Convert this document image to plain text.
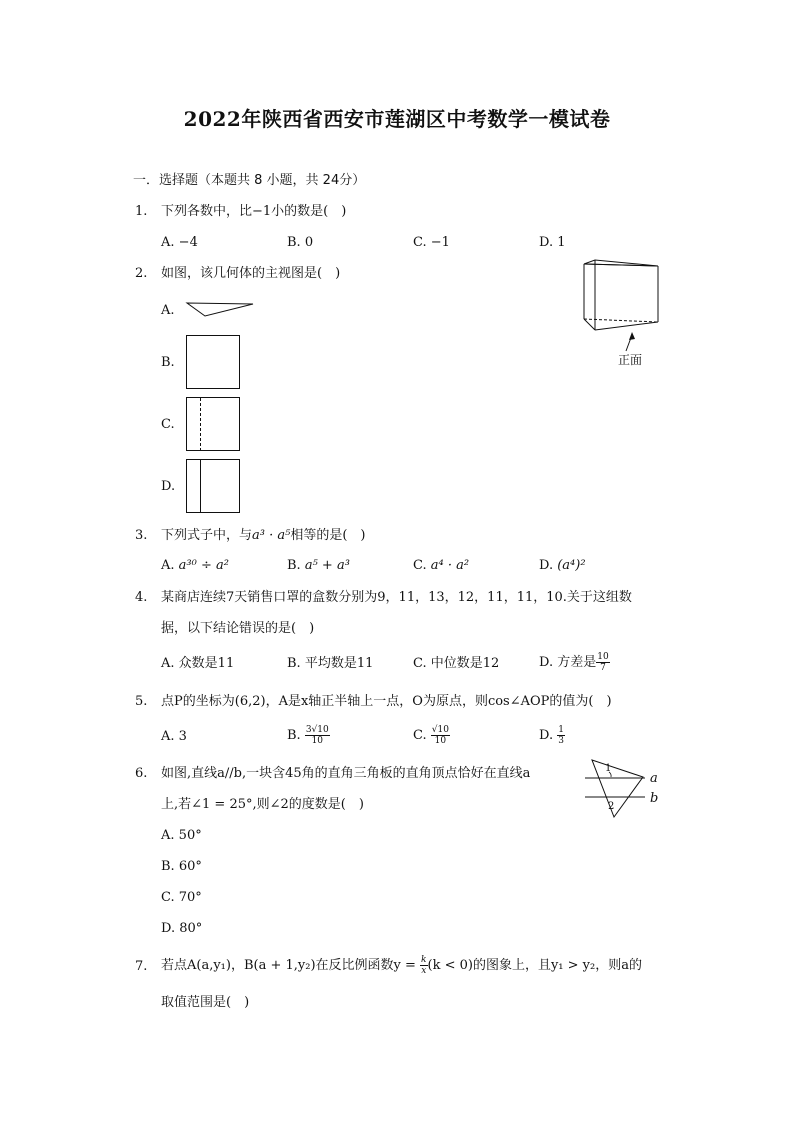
2022年陕西省西安市莲湖区中考数学一模试卷
一．选择题（本题共 8 小题，共 24分）
1. 下列各数中，比−1小的数是(　)
A. −4	B. 0	C. −1	D. 1
2. 如图，该几何体的主视图是(　)
A.
B.
C.
D.
正面
3. 下列式子中，与a³ · a⁵相等的是(　)
A. a³⁰ ÷ a²	B. a⁵ + a³	C. a⁴ · a²	D. (a⁴)²
4. 某商店连续7天销售口罩的盒数分别为9，11，13，12，11，11，10.关于这组数
据，以下结论错误的是(　)
A. 众数是11	B. 平均数是11	C. 中位数是12	D. 方差是 $\frac{10}{7}$
5. 点P的坐标为(6,2)，A是x轴正半轴上一点，O为原点，则cos∠AOP的值为(　)
A. 3	B. $\frac{3√10}{10}$	C. $\frac{√10}{10}$	D. $\frac{1}{3}$
6. 如图,直线a//b,一块含45角的直角三角板的直角顶点恰好在直线a
上,若∠1 = 25°,则∠2的度数是(　)
A. 50°
B. 60°
C. 70°
D. 80°
1
2
a
b
7. 若点A(a,y₁)，B(a + 1,y₂)在反比例函数$y = \frac{k}{x} (k < 0)$的图象上，且y₁ > y₂，则a的
取值范围是(　)
